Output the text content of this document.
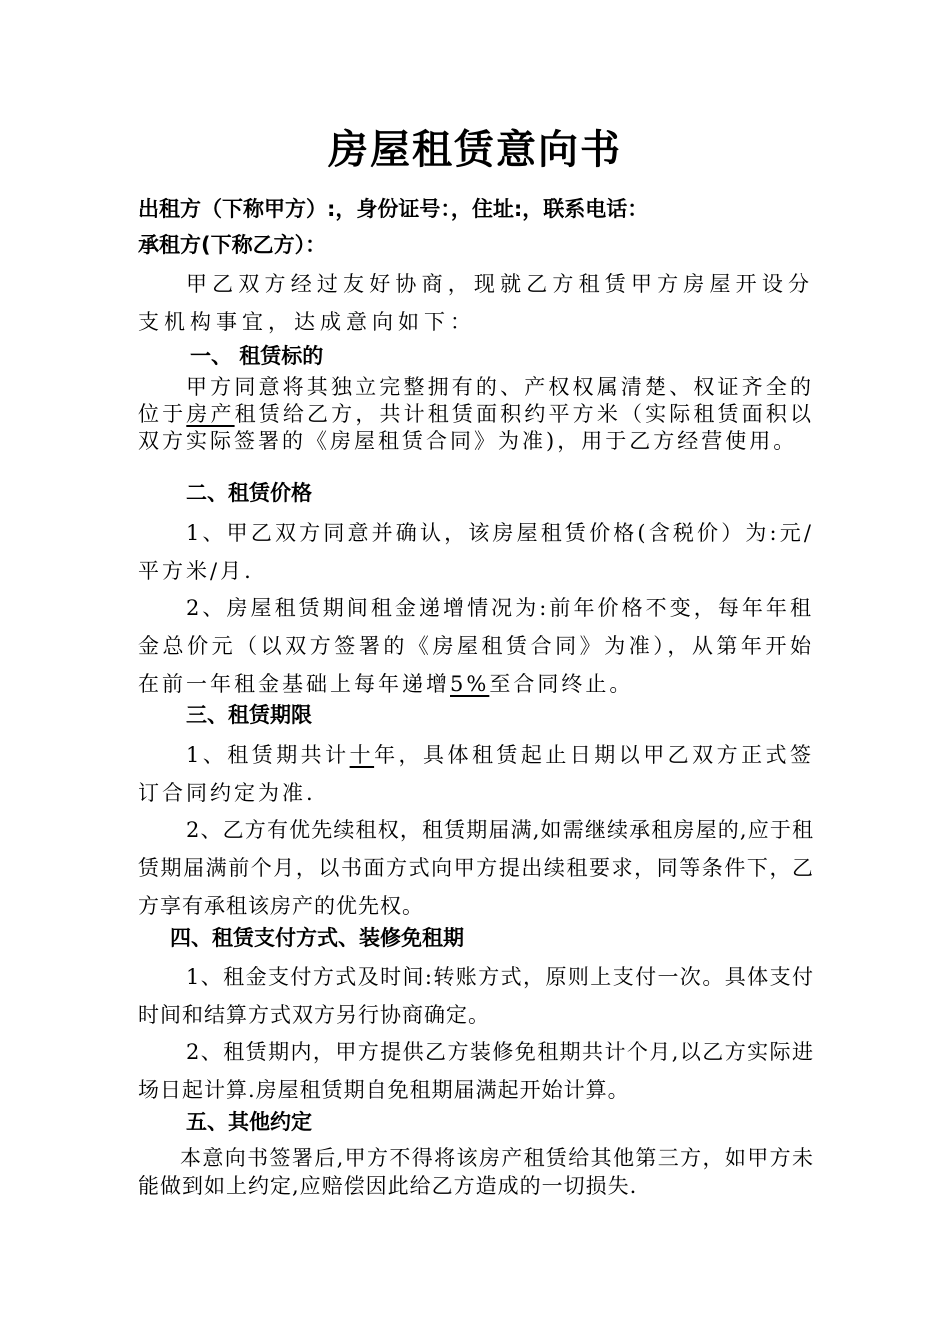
房屋租赁意向书
出租方（下称甲方）:，身份证号：，住址:，联系电话：
承租方(下称乙方）：
甲乙双方经过友好协商，现就乙方租赁甲方房屋开设分支机构事宜，达成意向如下：
一、 租赁标的
甲方同意将其独立完整拥有的、产权权属清楚、权证齐全的位于房产租赁给乙方，共计租赁面积约平方米（实际租赁面积以双方实际签署的《房屋租赁合同》为准)，用于乙方经营使用。
二、租赁价格
1、甲乙双方同意并确认，该房屋租赁价格(含税价）为:元/平方米/月.
2、房屋租赁期间租金递增情况为:前年价格不变，每年年租金总价元（以双方签署的《房屋租赁合同》为准），从第年开始在前一年租金基础上每年递增5%至合同终止。
三、租赁期限
1、租赁期共计十年，具体租赁起止日期以甲乙双方正式签订合同约定为准.
2、乙方有优先续租权，租赁期届满,如需继续承租房屋的,应于租赁期届满前个月，以书面方式向甲方提出续租要求，同等条件下，乙方享有承租该房产的优先权。
四、租赁支付方式、装修免租期
1、租金支付方式及时间:转账方式，原则上支付一次。具体支付时间和结算方式双方另行协商确定。
2、租赁期内，甲方提供乙方装修免租期共计个月,以乙方实际进场日起计算.房屋租赁期自免租期届满起开始计算。
五、其他约定
本意向书签署后,甲方不得将该房产租赁给其他第三方，如甲方未能做到如上约定,应赔偿因此给乙方造成的一切损失.
